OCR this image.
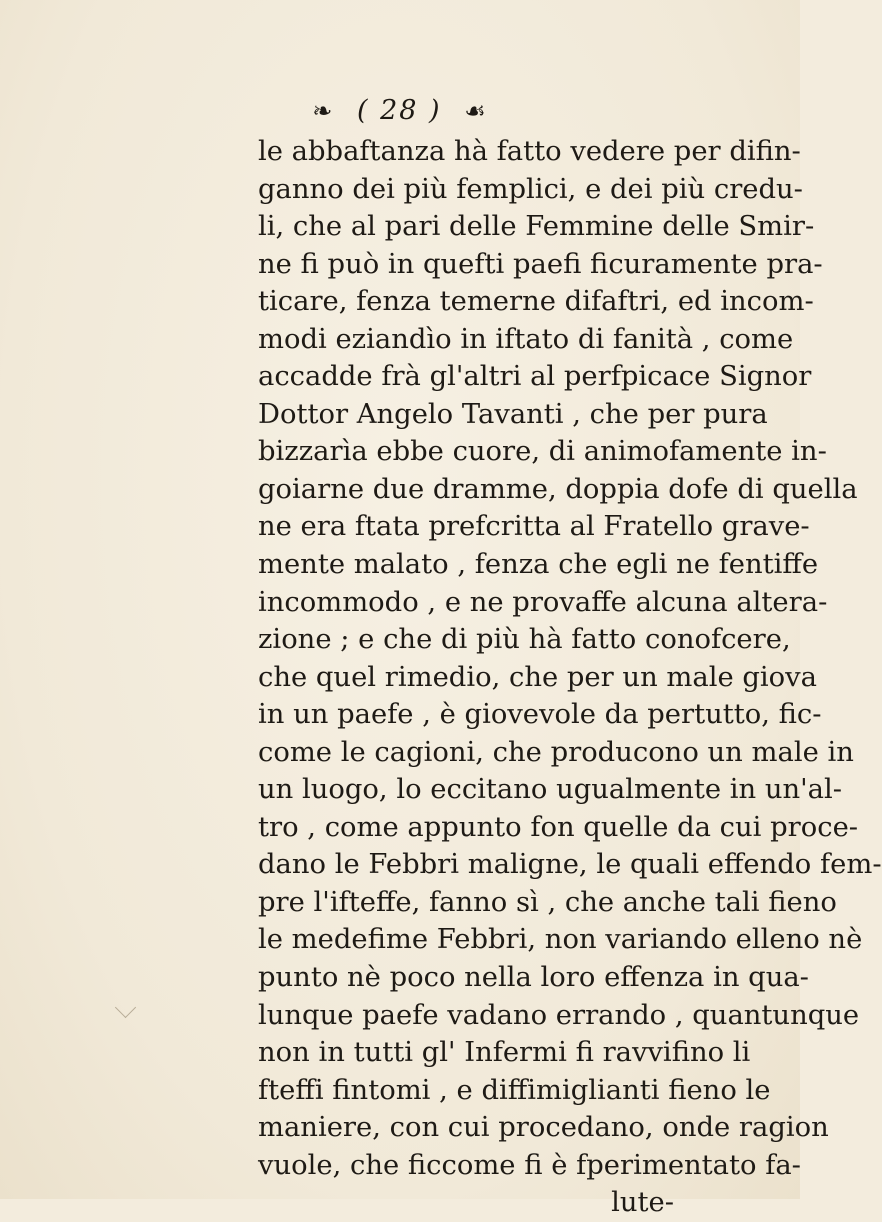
❧ ( 28 ) ☙
le abbaftanza hà fatto vedere per difin-
ganno dei più femplici, e dei più credu-
li, che al pari delle Femmine delle Smir-
ne fi può in quefti paefi ficuramente pra-
ticare, fenza temerne difaftri, ed incom-
modi eziandìo in iftato di fanità , come
accadde frà gl'altri al perfpicace Signor
Dottor Angelo Tavanti , che per pura
bizzarìa ebbe cuore, di animofamente in-
goiarne due dramme, doppia dofe di quella
ne era ftata prefcritta al Fratello grave-
mente malato , fenza che egli ne fentiffe
incommodo , e ne provaffe alcuna altera-
zione ; e che di più hà fatto conofcere,
che quel rimedio, che per un male giova
in un paefe , è giovevole da pertutto, fic-
come le cagioni, che producono un male in
un luogo, lo eccitano ugualmente in un'al-
tro , come appunto fon quelle da cui proce-
dano le Febbri maligne, le quali effendo fem-
pre l'ifteffe, fanno sì , che anche tali fieno
le medefime Febbri, non variando elleno nè
punto nè poco nella loro effenza in qua-
lunque paefe vadano errando , quantunque
non in tutti gl' Infermi fi ravvifino li
fteffi fintomi , e diffimiglianti fieno le
maniere, con cui procedano, onde ragion
vuole, che ficcome fi è fperimentato fa-
lute-
